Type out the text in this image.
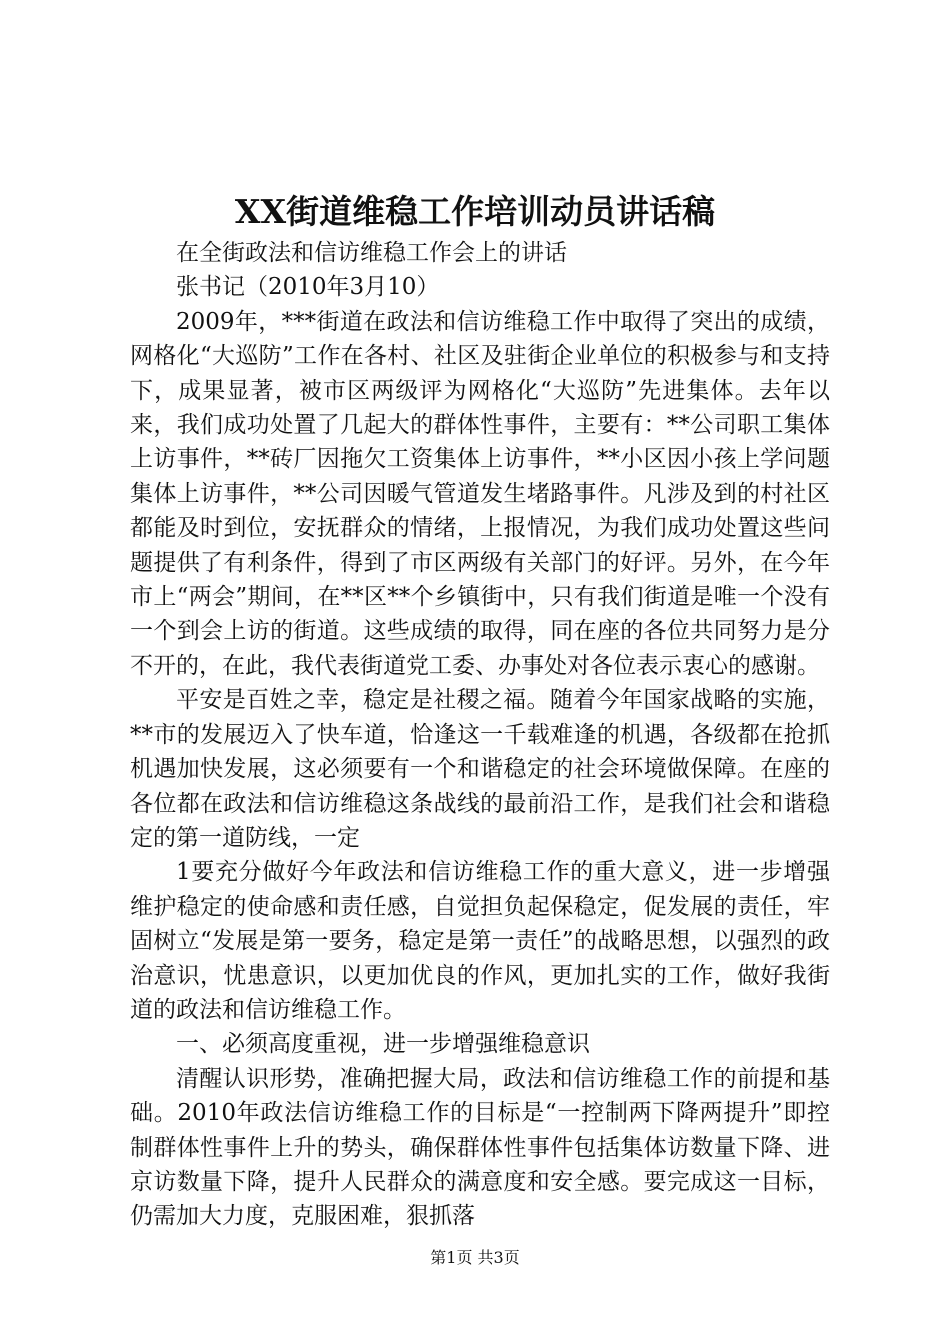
XX街道维稳工作培训动员讲话稿

在全街政法和信访维稳工作会上的讲话

张书记（2010年3月10）

2009年，***街道在政法和信访维稳工作中取得了突出的成绩，网格化“大巡防”工作在各村、社区及驻街企业单位的积极参与和支持下，成果显著，被市区两级评为网格化“大巡防”先进集体。去年以来，我们成功处置了几起大的群体性事件，主要有：**公司职工集体上访事件，**砖厂因拖欠工资集体上访事件，**小区因小孩上学问题集体上访事件，**公司因暖气管道发生堵路事件。凡涉及到的村社区都能及时到位，安抚群众的情绪，上报情况，为我们成功处置这些问题提供了有利条件，得到了市区两级有关部门的好评。另外，在今年市上“两会”期间，在**区**个乡镇街中，只有我们街道是唯一个没有一个到会上访的街道。这些成绩的取得，同在座的各位共同努力是分不开的，在此，我代表街道党工委、办事处对各位表示衷心的感谢。

平安是百姓之幸，稳定是社稷之福。随着今年国家战略的实施，**市的发展迈入了快车道，恰逢这一千载难逢的机遇，各级都在抢抓机遇加快发展，这必须要有一个和谐稳定的社会环境做保障。在座的各位都在政法和信访维稳这条战线的最前沿工作，是我们社会和谐稳定的第一道防线，一定

1要充分做好今年政法和信访维稳工作的重大意义，进一步增强维护稳定的使命感和责任感，自觉担负起保稳定，促发展的责任，牢固树立“发展是第一要务，稳定是第一责任”的战略思想，以强烈的政治意识，忧患意识，以更加优良的作风，更加扎实的工作，做好我街道的政法和信访维稳工作。

一、必须高度重视，进一步增强维稳意识

清醒认识形势，准确把握大局，政法和信访维稳工作的前提和基础。2010年政法信访维稳工作的目标是“一控制两下降两提升”即控制群体性事件上升的势头，确保群体性事件包括集体访数量下降、进京访数量下降，提升人民群众的满意度和安全感。要完成这一目标，仍需加大力度，克服困难，狠抓落

第1页 共3页
